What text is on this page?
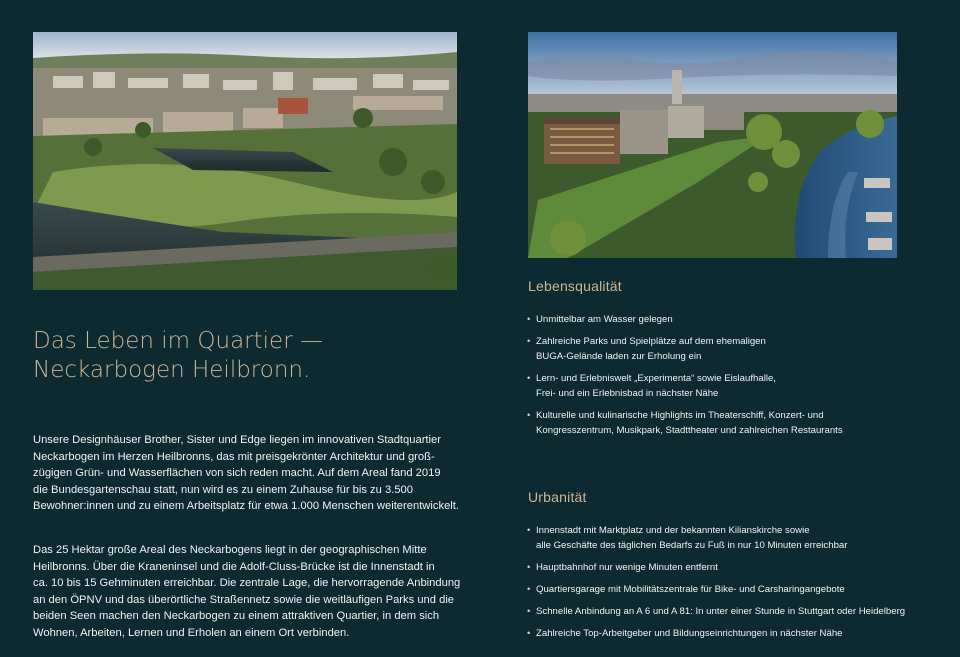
Das Leben im Quartier —
Neckarbogen Heilbronn.

Unsere Designhäuser Brother, Sister und Edge liegen im innovativen Stadtquartier
Neckarbogen im Herzen Heilbronns, das mit preisgekrönter Architektur und groß-
zügigen Grün- und Wasserflächen von sich reden macht. Auf dem Areal fand 2019
die Bundesgartenschau statt, nun wird es zu einem Zuhause für bis zu 3.500
Bewohner:innen und zu einem Arbeitsplatz für etwa 1.000 Menschen weiterentwickelt.

Das 25 Hektar große Areal des Neckarbogens liegt in der geographischen Mitte
Heilbronns. Über die Kraneninsel und die Adolf-Cluss-Brücke ist die Innenstadt in
ca. 10 bis 15 Gehminuten erreichbar. Die zentrale Lage, die hervorragende Anbindung
an den ÖPNV und das überörtliche Straßennetz sowie die weitläufigen Parks und die
beiden Seen machen den Neckarbogen zu einem attraktiven Quartier, in dem sich
Wohnen, Arbeiten, Lernen und Erholen an einem Ort verbinden.

Lebensqualität
• Unmittelbar am Wasser gelegen
• Zahlreiche Parks und Spielplätze auf dem ehemaligen
BUGA-Gelände laden zur Erholung ein
• Lern- und Erlebniswelt „Experimenta“ sowie Eislaufhalle,
Frei- und ein Erlebnisbad in nächster Nähe
• Kulturelle und kulinarische Highlights im Theaterschiff, Konzert- und
Kongresszentrum, Musikpark, Stadttheater und zahlreichen Restaurants
Urbanität
• Innenstadt mit Marktplatz und der bekannten Kilianskirche sowie
alle Geschäfte des täglichen Bedarfs zu Fuß in nur 10 Minuten erreichbar
• Hauptbahnhof nur wenige Minuten entfernt
• Quartiersgarage mit Mobilitätszentrale für Bike- und Carsharingangebote
• Schnelle Anbindung an A 6 und A 81: In unter einer Stunde in Stuttgart oder Heidelberg
• Zahlreiche Top-Arbeitgeber und Bildungseinrichtungen in nächster Nähe
